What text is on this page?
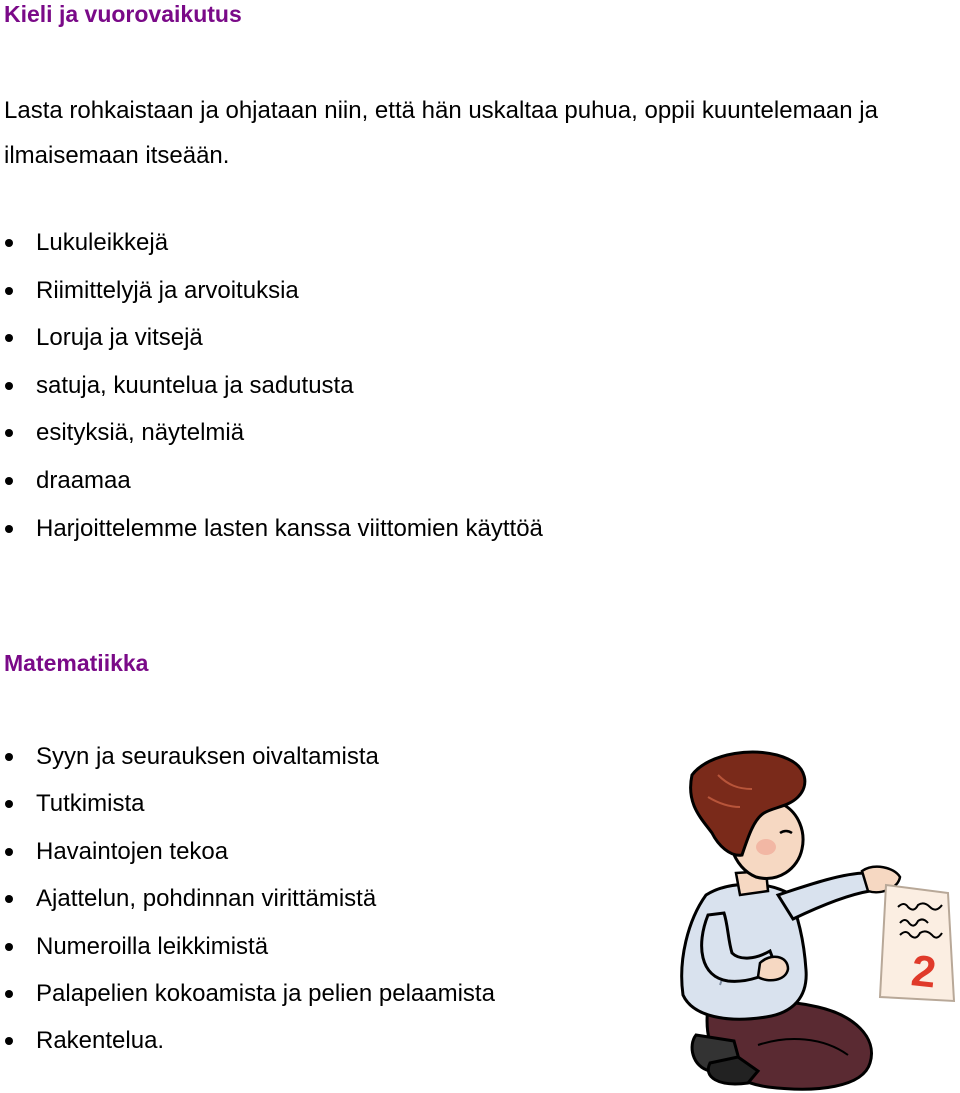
Kieli ja vuorovaikutus

Lasta rohkaistaan ja ohjataan niin, että hän uskaltaa puhua, oppii kuuntelemaan ja ilmaisemaan itseään.

Lukuleikkejä
Riimittelyjä ja arvoituksia
Loruja ja vitsejä
satuja, kuuntelua ja sadutusta
esityksiä, näytelmiä
draamaa
Harjoittelemme lasten kanssa viittomien käyttöä
Matematiikka
Syyn ja seurauksen oivaltamista
Tutkimista
Havaintojen tekoa
Ajattelun, pohdinnan virittämistä
Numeroilla leikkimistä
Palapelien kokoamista ja pelien pelaamista
Rakentelua.
2
